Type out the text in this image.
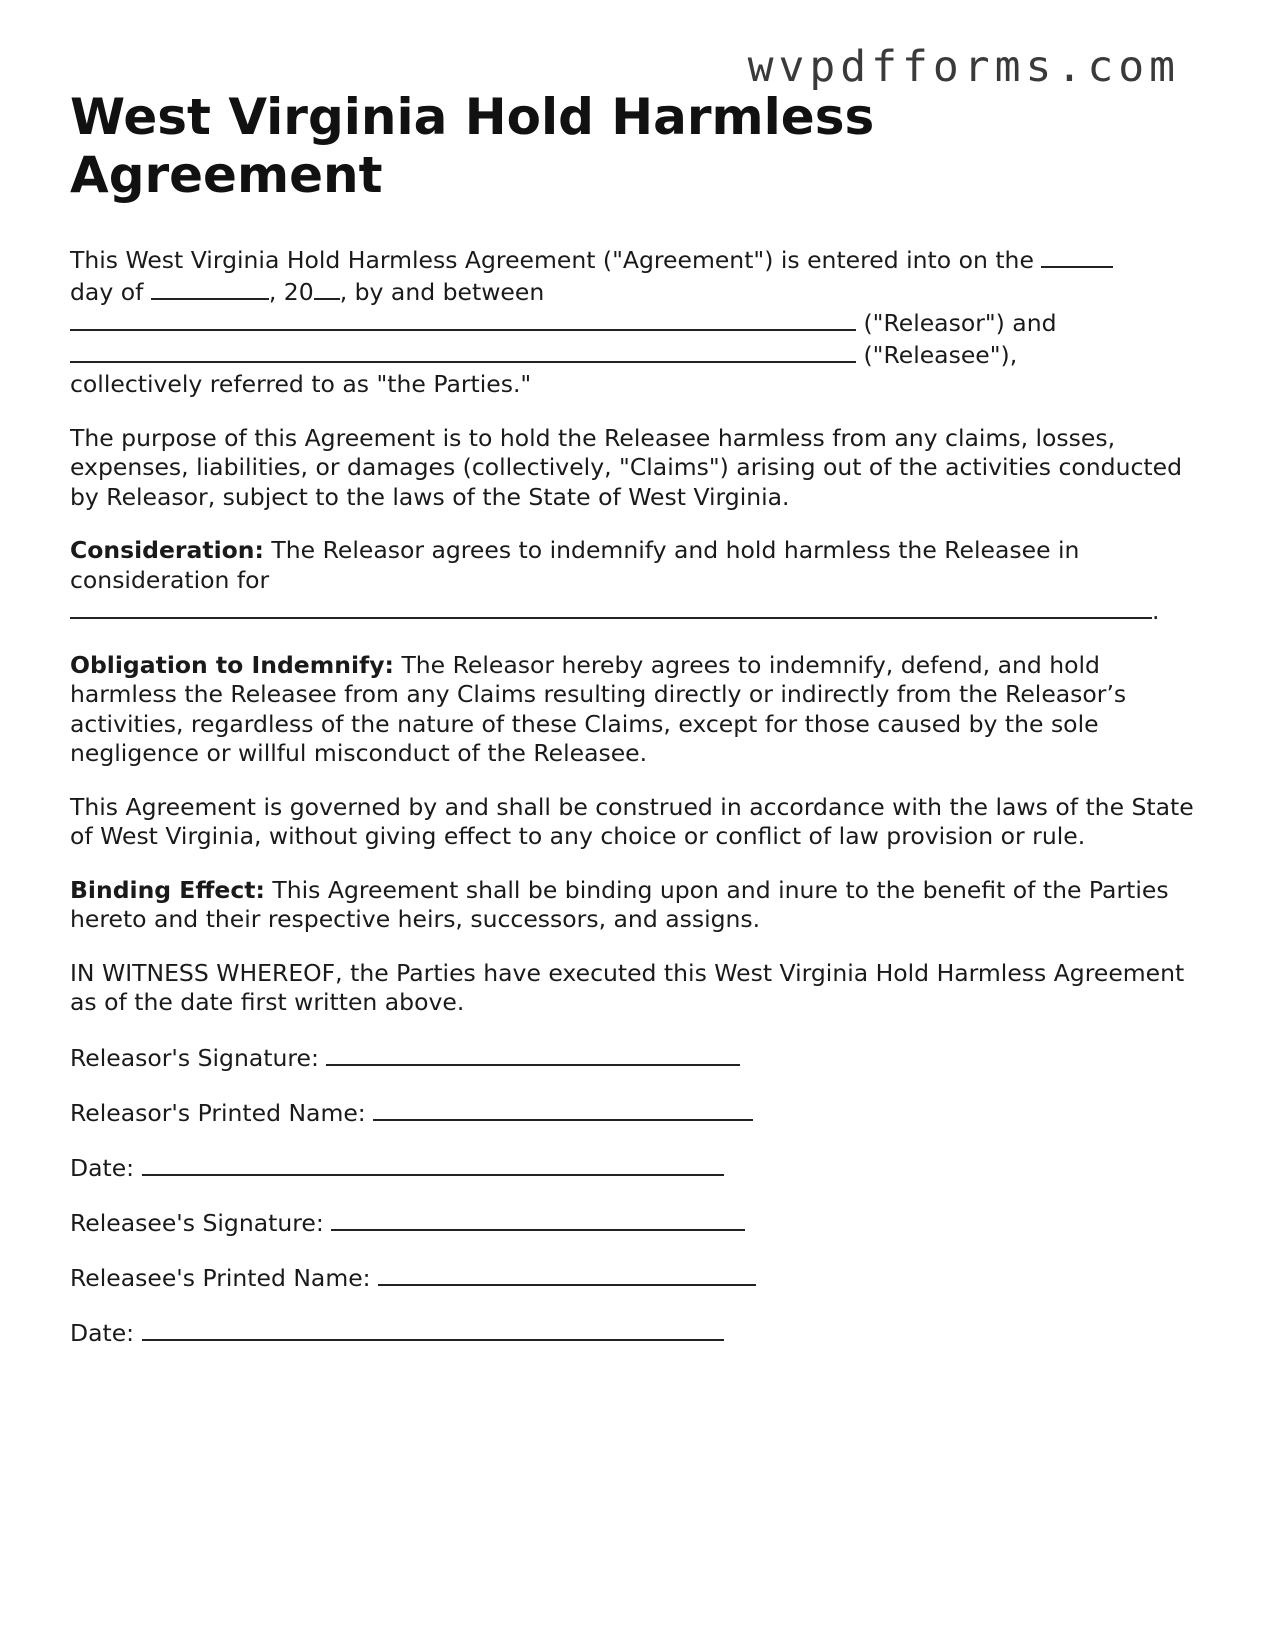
wvpdfforms.com
West Virginia Hold Harmless Agreement
This West Virginia Hold Harmless Agreement ("Agreement") is entered into on the
day of	, 20 , by and between
("Releasor") and
("Releasee"),
collectively referred to as "the Parties."

The purpose of this Agreement is to hold the Releasee harmless from any claims, losses, expenses, liabilities, or damages (collectively, "Claims") arising out of the activities conducted by Releasor, subject to the laws of the State of West Virginia.

Consideration: The Releasor agrees to indemnify and hold harmless the Releasee in consideration for
.
Obligation to Indemnify: The Releasor hereby agrees to indemnify, defend, and hold harmless the Releasee from any Claims resulting directly or indirectly from the Releasor’s activities, regardless of the nature of these Claims, except for those caused by the sole negligence or willful misconduct of the Releasee.

This Agreement is governed by and shall be construed in accordance with the laws of the State of West Virginia, without giving effect to any choice or conflict of law provision or rule.

Binding Effect: This Agreement shall be binding upon and inure to the benefit of the Parties hereto and their respective heirs, successors, and assigns.

IN WITNESS WHEREOF, the Parties have executed this West Virginia Hold Harmless Agreement as of the date first written above.

Releasor's Signature:
Releasor's Printed Name:
Date:
Releasee's Signature:
Releasee's Printed Name:
Date:
